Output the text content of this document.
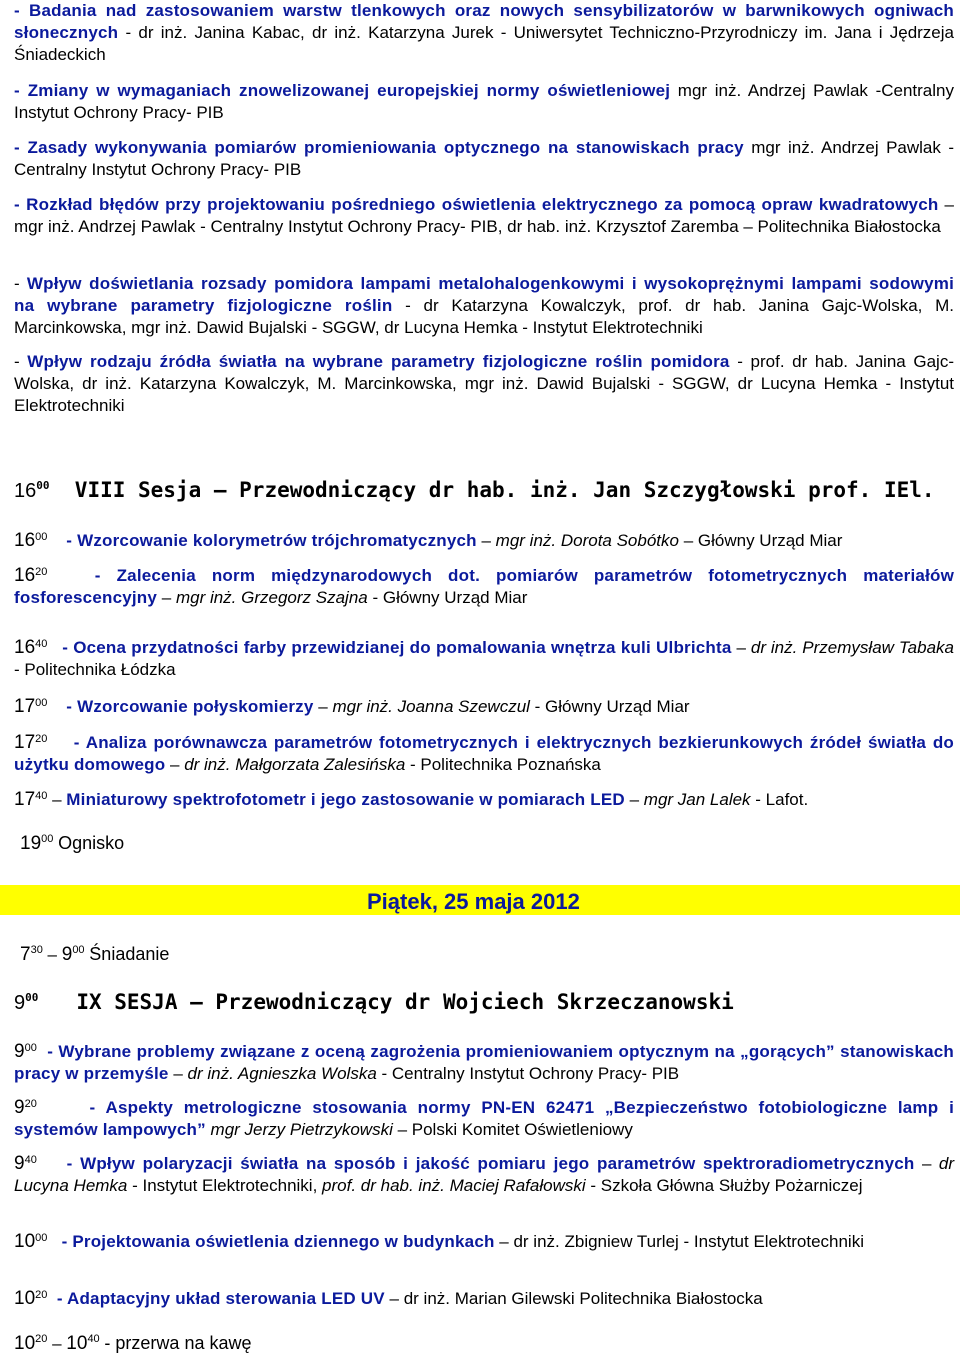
- Badania nad zastosowaniem warstw tlenkowych oraz nowych sensybilizatorów w barwnikowych ogniwach słonecznych - dr inż. Janina Kabac, dr inż. Katarzyna Jurek - Uniwersytet Techniczno-Przyrodniczy im. Jana i Jędrzeja Śniadeckich
- Zmiany w wymaganiach znowelizowanej europejskiej normy oświetleniowej mgr inż. Andrzej Pawlak -Centralny Instytut Ochrony Pracy- PIB
- Zasady wykonywania pomiarów promieniowania optycznego na stanowiskach pracy mgr inż. Andrzej Pawlak - Centralny Instytut Ochrony Pracy- PIB
- Rozkład błędów przy projektowaniu pośredniego oświetlenia elektrycznego za pomocą opraw kwadratowych – mgr inż. Andrzej Pawlak - Centralny Instytut Ochrony Pracy- PIB, dr hab. inż. Krzysztof Zaremba – Politechnika Białostocka
- Wpływ doświetlania rozsady pomidora lampami metalohalogenkowymi i wysokoprężnymi lampami sodowymi na wybrane parametry fizjologiczne roślin - dr Katarzyna Kowalczyk, prof. dr hab. Janina Gajc-Wolska, M. Marcinkowska, mgr inż. Dawid Bujalski - SGGW, dr Lucyna Hemka - Instytut Elektrotechniki
- Wpływ rodzaju źródła światła na wybrane parametry fizjologiczne roślin pomidora - prof. dr hab. Janina Gajc-Wolska, dr inż. Katarzyna Kowalczyk, M. Marcinkowska, mgr inż. Dawid Bujalski - SGGW, dr Lucyna Hemka - Instytut Elektrotechniki
$16^{00}$ VIII Sesja – Przewodniczący dr hab. inż. Jan Szczygłowski prof. IEl.
$16^{00}$ - Wzorcowanie kolorymetrów trójchromatycznych – mgr inż. Dorota Sobótko – Główny Urząd Miar
$16^{20}$	- Zalecenia norm międzynarodowych dot. pomiarów parametrów fotometrycznych materiałów fosforescencyjny – mgr inż. Grzegorz Szajna - Główny Urząd Miar
$16^{40}$ - Ocena przydatności farby przewidzianej do pomalowania wnętrza kuli Ulbrichta – dr inż. Przemysław Tabaka - Politechnika Łódzka
$17^{00}$ - Wzorcowanie połyskomierzy – mgr inż. Joanna Szewczul - Główny Urząd Miar
$17^{20}$ - Analiza porównawcza parametrów fotometrycznych i elektrycznych bezkierunkowych źródeł światła do użytku domowego – dr inż. Małgorzata Zalesińska - Politechnika Poznańska
$17^{40}$ – Miniaturowy spektrofotometr i jego zastosowanie w pomiarach LED – mgr Jan Lalek - Lafot.
$19^{00}$ Ognisko
Piątek, 25 maja 2012
$7^{30} - 9^{00}$ Śniadanie
$9^{00}$ IX SESJA – Przewodniczący dr Wojciech Skrzeczanowski
$9^{00}$ - Wybrane problemy związane z oceną zagrożenia promieniowaniem optycznym na „gorących” stanowiskach pracy w przemyśle – dr inż. Agnieszka Wolska - Centralny Instytut Ochrony Pracy- PIB
$9^{20}$	- Aspekty metrologiczne stosowania normy PN-EN 62471 „Bezpieczeństwo fotobiologiczne lamp i systemów lampowych” mgr Jerzy Pietrzykowski – Polski Komitet Oświetleniowy
$9^{40}$ - Wpływ polaryzacji światła na sposób i jakość pomiaru jego parametrów spektroradiometrycznych – dr Lucyna Hemka - Instytut Elektrotechniki, prof. dr hab. inż. Maciej Rafałowski - Szkoła Główna Służby Pożarniczej
$10^{00}$ - Projektowania oświetlenia dziennego w budynkach – dr inż. Zbigniew Turlej - Instytut Elektrotechniki
$10^{20}$ - Adaptacyjny układ sterowania LED UV – dr inż. Marian Gilewski Politechnika Białostocka
$10^{20} - 10^{40}$ - przerwa na kawę
